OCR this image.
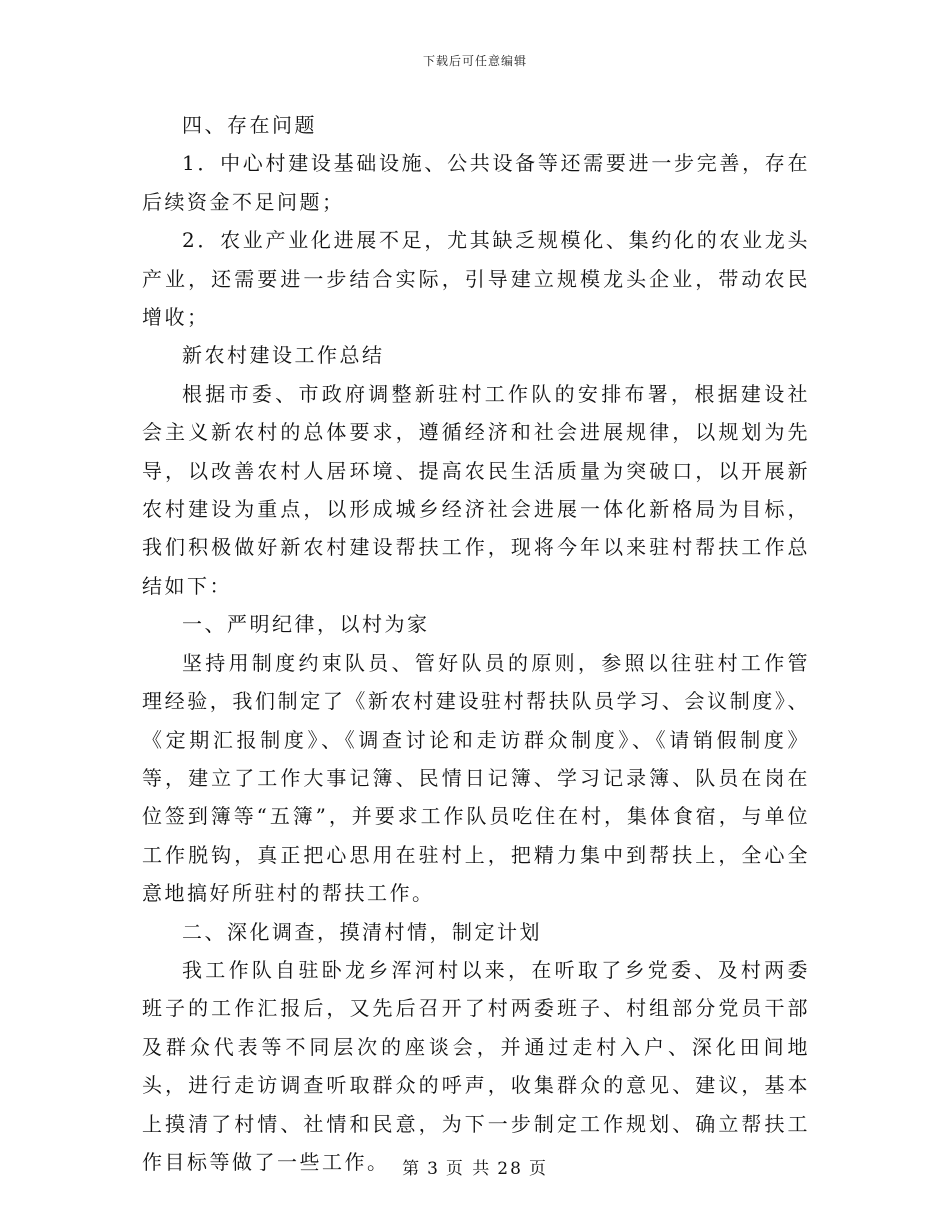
下载后可任意编辑

四、存在问题

1．中心村建设基础设施、公共设备等还需要进一步完善，存在后续资金不足问题；

2．农业产业化进展不足，尤其缺乏规模化、集约化的农业龙头产业，还需要进一步结合实际，引导建立规模龙头企业，带动农民增收；

新农村建设工作总结

根据市委、市政府调整新驻村工作队的安排布署，根据建设社会主义新农村的总体要求，遵循经济和社会进展规律，以规划为先导，以改善农村人居环境、提高农民生活质量为突破口，以开展新农村建设为重点，以形成城乡经济社会进展一体化新格局为目标，我们积极做好新农村建设帮扶工作，现将今年以来驻村帮扶工作总结如下：

一、严明纪律，以村为家

坚持用制度约束队员、管好队员的原则，参照以往驻村工作管理经验，我们制定了《新农村建设驻村帮扶队员学习、会议制度》、《定期汇报制度》、《调查讨论和走访群众制度》、《请销假制度》等，建立了工作大事记簿、民情日记簿、学习记录簿、队员在岗在位签到簿等“五簿”，并要求工作队员吃住在村，集体食宿，与单位工作脱钩，真正把心思用在驻村上，把精力集中到帮扶上，全心全意地搞好所驻村的帮扶工作。

二、深化调查，摸清村情，制定计划

我工作队自驻卧龙乡浑河村以来，在听取了乡党委、及村两委班子的工作汇报后，又先后召开了村两委班子、村组部分党员干部及群众代表等不同层次的座谈会，并通过走村入户、深化田间地头，进行走访调查听取群众的呼声，收集群众的意见、建议，基本上摸清了村情、社情和民意，为下一步制定工作规划、确立帮扶工作目标等做了一些工作。 第 3 页 共 28 页
